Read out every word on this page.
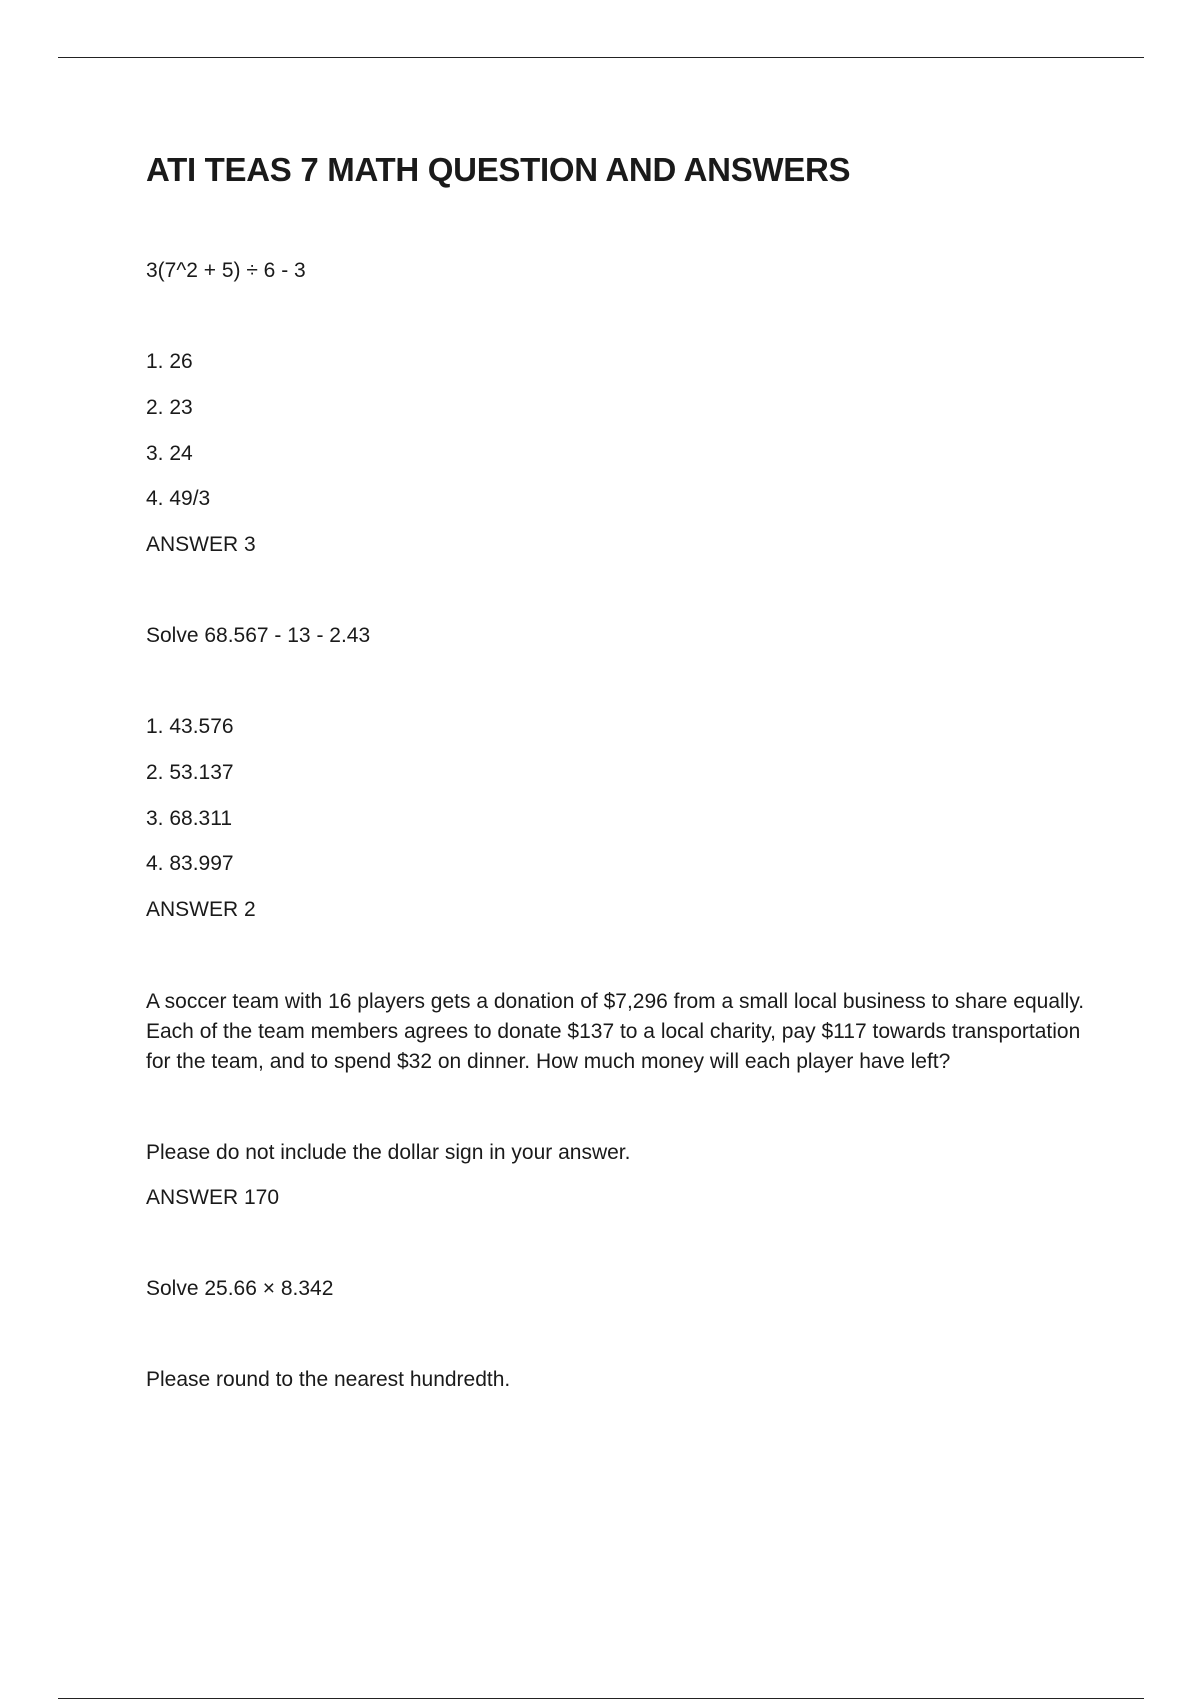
ATI TEAS 7 MATH QUESTION AND ANSWERS

3(7^2 + 5) ÷ 6 - 3

1. 26
2. 23
3. 24
4. 49/3

ANSWER 3

Solve 68.567 - 13 - 2.43

1. 43.576
2. 53.137
3. 68.311
4. 83.997

ANSWER 2

A soccer team with 16 players gets a donation of $7,296 from a small local business to share equally. Each of the team members agrees to donate $137 to a local charity, pay $117 towards transportation for the team, and to spend $32 on dinner. How much money will each player have left?

Please do not include the dollar sign in your answer.

ANSWER 170

Solve 25.66 × 8.342

Please round to the nearest hundredth.
